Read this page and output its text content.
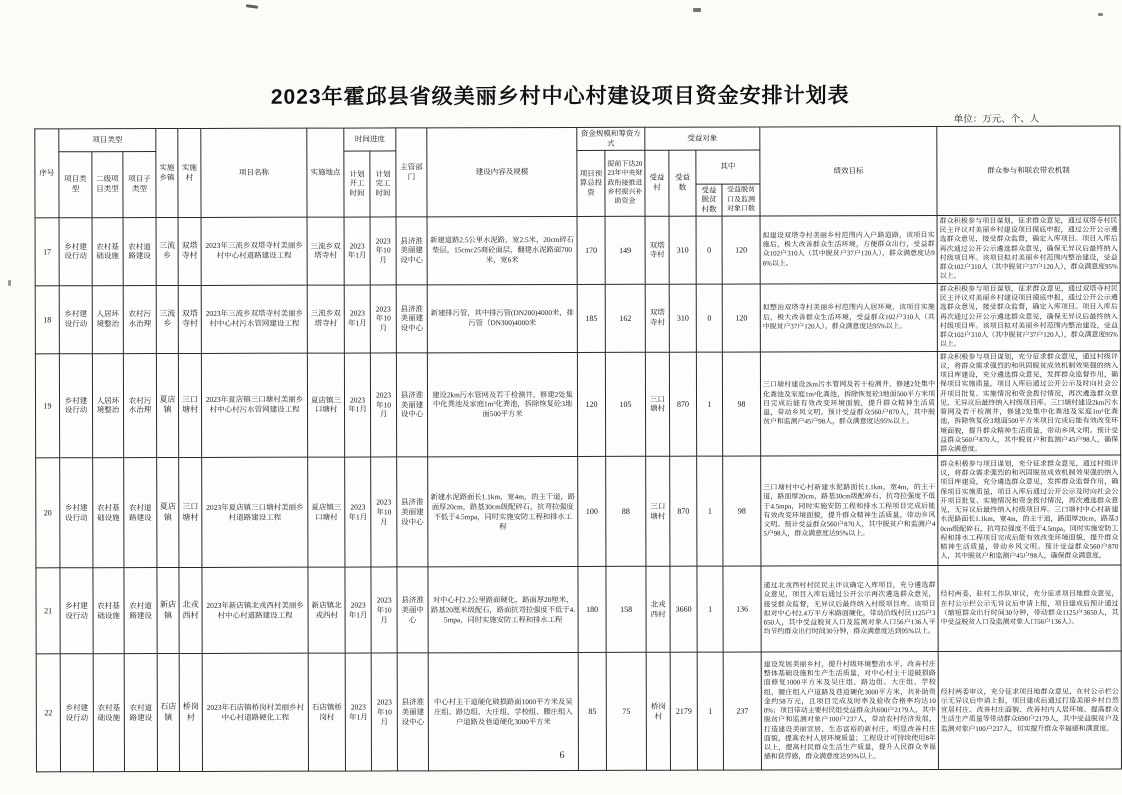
2023年霍邱县省级美丽乡村中心村建设项目资金安排计划表
单位：万元、个、人
序号	项目类型			实施乡镇	实施村	项目名称	实施地点	时间进度		主管部门	建设内容及规模	资金规模和筹资方式		受益对象				绩效目标	群众参与和联农带农机制
	项目类型	二级项目类型	项目子类型					计划开工时间	计划完工时间			项目预算总投资	提前下达2023年中央财政衔接推进乡村振兴补助资金	受益村	受益数	其中			
																受益脱贫村数	受益脱贫口及监测对象口数		
17	乡村建设行动	农村基础设施	农村道路建设	三流乡	双塔寺村	2023年三流乡双塔寺村美丽乡村中心村道路建设工程	三流乡双塔寺村	2023年1月	2023年10月	县济淮美丽建设中心	新建道路2.5公里水泥路，宽2.5米，20cm碎石垫层，15cmc25商砼面层，翻建水泥路面700米，宽6米	170	149	双塔寺村	310	0	120	拟建设双塔寺村美丽乡村范围内入户路道路，该项目实施后，极大改善群众生活环境，方便群众出行，受益群众102户310人（其中脱贫户37户120人），群众满意度达96%以上。	群众积极参与项目谋划，征求群众意见，通过双塔寺村民民主评议对美丽乡村建设项目摸底申报，通过公开公示遴选群众意见，接受群众监督，确定入库项目。项目入库后再次通过公开公示遴选群众意见，确保无异议后最终纳入村级项目库。该项目拟对美丽乡村范围内整治建设，受益群众102户310人（其中脱贫户37户120人），群众满意度95%以上。
18	乡村建设行动	人居环境整治	农村污水治理	三流乡	双塔寺村	2023年三流乡双塔寺村美丽乡村中心村污水管网建设工程	三流乡双塔寺村	2023年1月	2023年10月	县济淮美丽建设中心	新建排污管，其中排污管(DN200)4000米，排污管（DN300)4000米	185	162	双塔寺村	310	0	120	拟整治双塔寺村美丽乡村范围内人居环境，该项目实施后，极大改善群众生活环境，受益群众102户310人（其中脱贫户37户120人），群众满意度达95%以上。	群众积极参与项目谋划，征求群众意见，通过双塔寺村民民主评议对美丽乡村建设项目摸底申报，通过公开公示遴选群众意见，接受群众监督，确定入库项目。项目入库后再次通过公开公示遴选群众意见，确保无异议后最终纳入村级项目库。该项目拟对美丽乡村范围内整治建设，受益群众102户310人（其中脱贫户37户120人），群众满意度95%以上。
19	乡村建设行动	人居环境整治	农村污水治理	夏店镇	三口塘村	2023年夏店镇三口塘村美丽乡村中心村污水管网建设工程	夏店镇三口塘村	2023年1月	2023年10月	县济淮美丽建设中心	建设2km污水管网及若干检测井，修建2处集中化粪池及家庭1m³化粪池，拆除恢复砼3地面500平方米	120	105	三口塘村	870	1	98	三口塘村建设2km污水管网及若干检测井，修建2处集中化粪池及家庭1m³化粪池，拆除恢复砼3地面500平方米项目完成后能有效改变环境面貌，提升群众精神生活质量，带动乡风文明。预计受益群众560户870人，其中脱贫户和监测户45户98人，群众满意度达95%以上。	群众积极参与项目谋划，充分征求群众意见，通过村级评议，将群众需求强烈的和巩固脱贫成效机制效果强的纳入项目库建设，充分遴选群众意见，发挥群众监督作用，确保项目实施质量，项目入库后通过公开公示及时向社会公开项目批复、实施情况和资金拨付情况，再次遴选群众意见，无异议后最终纳入村级项目库。三口塘村建设2km污水管网及若干检测井，修建2处集中化粪池及家庭1m³化粪池，拆除恢复砼3地面500平方米项目完成后能有效改变环境面貌，提升群众精神生活质量，带动乡风文明。预计受益群众560户870人，其中脱贫户和监测户45户98人，确保群众满意度。
20	乡村建设行动	农村基础设施	农村道路建设	夏店镇	三口塘村	2023年夏店镇三口塘村美丽乡村道路建设工程	夏店镇三口塘村	2023年1月	2023年10月	县济淮美丽建设中心	新建水泥路面长1.1km，宽4m，的主干道，路面厚20cm，路基30cm级配碎石，抗弯拉强度不低于4.5mpa，同时实施安防工程和排水工程	100	88	三口塘村	870	1	98	三口塘村中心村新建水泥路面长1.1km，宽4m，的主干道，路面厚20cm，路基30cm级配碎石，抗弯拉强度不低于4.5mpa，同时实施安防工程和排水工程项目完成后能有效改变环境面貌，提升群众精神生活质量，带动乡风文明。预计受益群众560户870人，其中脱贫户和监测户45户98人，群众满意度达95%以上。	群众积极参与项目谋划，充分征求群众意见，通过村级评议，将群众需求强烈的和巩固脱贫成效机制效果强的纳入项目库建设，充分遴选群众意见，发挥群众监督作用，确保项目实施质量，项目入库后通过公开公示及时向社会公开项目批复、实施情况和资金拨付情况，再次遴选群众意见，无异议后最终纳入村级项目库。三口塘村中心村新建水泥路面长1.1km，宽4m，的主干道，路面厚20cm，路基30cm级配碎石，抗弯拉强度不低于4.5mpa，同时实施安防工程和排水工程项目完成后能有效改变环境面貌，提升群众精神生活质量，带动乡风文明。预计受益群众560户870人，其中脱贫户和监测户45户98人，确保群众满意度。
21	乡村建设行动	农村基础设施	农村道路建设	新店镇	北戎西村	2023年新店镇北戎西村美丽乡村中心村道路建设工程	新店镇北戎西村	2023年1月	2023年10月	县济淮美丽中心	对中心村2.2公里路面硬化，路面厚20厘米，路基20厘米级配石，路面抗弯拉强度不低于4.5mpa，同时实施安防工程和排水工程	180	158	北戎西村	3660	1	136	通过北戎西村村民民主评议确定入库项目，充分遴选群众意见，项目入库后通过公开公示再次遴选群众意见，接受群众监督，无异议后最终纳入村级项目库。该项目拟对中心村2.4万平方米路面硬化，带动沿线村民1125户3650人，其中受益脱贫人口及监测对象人口56户136人平均节约群众出行时间30分钟，群众满意度达到95%以上。	经村两委，驻村工作队审议，充分征求项目地群众意见，在村公示栏公示无异议后申请上报，项目建成后预计通过（缩短群众出行时间30分钟，带动群众1125户3650人，其中受益脱贫人口及监测对象人口56户136人）。
22	乡村建设行动	农村基础设施	农村道路建设	石店镇	桥岗村	2023年石店镇桥岗村美丽乡村中心村道路硬化工程	石店镇桥岗村	2023年1月	2023年10月	县济淮美丽建设中心	中心村主干道硬化破损路面1000平方米及吴庄组、路边组、大庄组、学校组、腰庄组入户道路及巷道硬化3000平方米	85	75	桥岗村	2179	1	237	建设发展美丽乡村，提升村级环境整治水平，改善村庄整体基础设施和生产生活质量，对中心村主干道破损路面修复1000平方米及吴庄组、路边组、大庄组、学校组、腰庄组入户道路及巷道硬化3000平方米，共补助资金约58万元，且项目完成及时率及验收合格率均达100%；项目带动主要村民组受益群众共690户2179人，其中脱贫户和监测对象户100户237人，带动农村经济发展，打造建设美丽宜居、生态富裕的新村庄，明显改善村庄面貌，提高农村人居环境质量；工程设计可持续使用8年以上，提高村民群众生活生产质量，提升人民群众幸福感和获得感，群众满意度达95%以上。	经村两委审议，充分征求项目地群众意见，在村公示栏公示无异议后申请上报，项目建成后通过打造美丽乡村自然宜居村庄、改善村庄面貌、改善村内人居环境、提高群众生活生产质量等带动群众690户2179人，其中受益脱贫户及监测对象户100户237人，切实提升群众幸福感和满意度。
6
